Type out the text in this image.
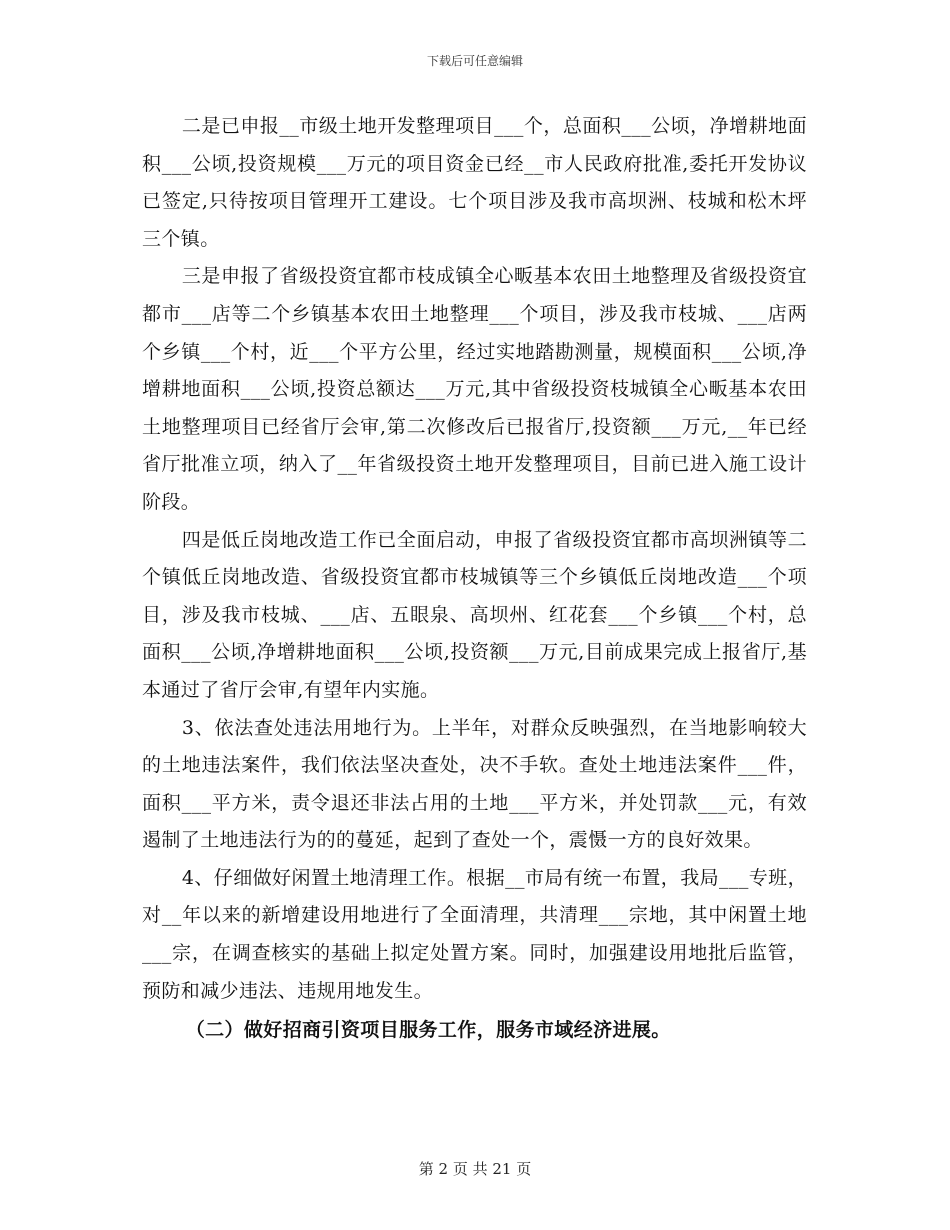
下载后可任意编辑

二是已申报__市级土地开发整理项目___个，总面积___公顷，净增耕地面积___公顷,投资规模___万元的项目资金已经__市人民政府批准,委托开发协议已签定,只待按项目管理开工建设。七个项目涉及我市高坝洲、枝城和松木坪三个镇。

三是申报了省级投资宜都市枝成镇全心畈基本农田土地整理及省级投资宜都市___店等二个乡镇基本农田土地整理___个项目，涉及我市枝城、___店两个乡镇___个村，近___个平方公里，经过实地踏勘测量，规模面积___公顷,净增耕地面积___公顷,投资总额达___万元,其中省级投资枝城镇全心畈基本农田土地整理项目已经省厅会审,第二次修改后已报省厅,投资额___万元,__年已经省厅批准立项，纳入了__年省级投资土地开发整理项目，目前已进入施工设计阶段。

四是低丘岗地改造工作已全面启动，申报了省级投资宜都市高坝洲镇等二个镇低丘岗地改造、省级投资宜都市枝城镇等三个乡镇低丘岗地改造___个项目，涉及我市枝城、___店、五眼泉、高坝州、红花套___个乡镇___个村，总面积___公顷,净增耕地面积___公顷,投资额___万元,目前成果完成上报省厅,基本通过了省厅会审,有望年内实施。

3、依法查处违法用地行为。上半年，对群众反映强烈，在当地影响较大的土地违法案件，我们依法坚决查处，决不手软。查处土地违法案件___件，面积___平方米，责令退还非法占用的土地___平方米，并处罚款___元，有效遏制了土地违法行为的的蔓延，起到了查处一个，震慑一方的良好效果。

4、仔细做好闲置土地清理工作。根据__市局有统一布置，我局___专班，对__年以来的新增建设用地进行了全面清理，共清理___宗地，其中闲置土地___宗，在调查核实的基础上拟定处置方案。同时，加强建设用地批后监管，预防和减少违法、违规用地发生。

（二）做好招商引资项目服务工作，服务市域经济进展。

第 2 页 共 21 页
